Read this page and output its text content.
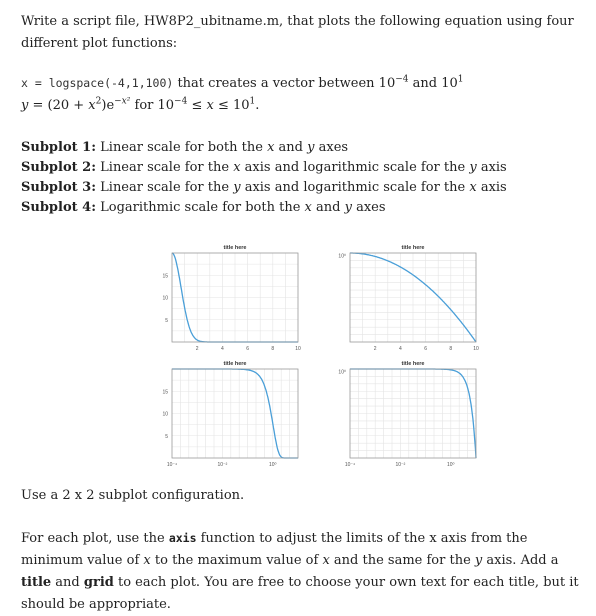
Write a script file, HW8P2_ubitname.m, that plots the following equation using four

different plot functions:

x = logspace(-4,1,100) that creates a vector between $10^{-4}$ and $10^1$

$y = (20 + x^2)e^{-x^2}$ for $10^{-4} \le x \le 10^1$.

Subplot 1: Linear scale for both the x and y axes

Subplot 2: Linear scale for the x axis and logarithmic scale for the y axis

Subplot 3: Linear scale for the y axis and logarithmic scale for the x axis

Subplot 4: Logarithmic scale for both the x and y axes

title here
2	4	6	8	10
15
10
5
title here
2	4	6	8	10
10⁰
title here
10⁻⁴	10⁻²	10⁰
15
10
5
title here
10⁻⁴	10⁻²	10⁰
10⁰

Use a 2 x 2 subplot configuration.

For each plot, use the axis function to adjust the limits of the x axis from the minimum value of x to the maximum value of x and the same for the y axis. Add a title and grid to each plot. You are free to choose your own text for each title, but it should be appropriate.
